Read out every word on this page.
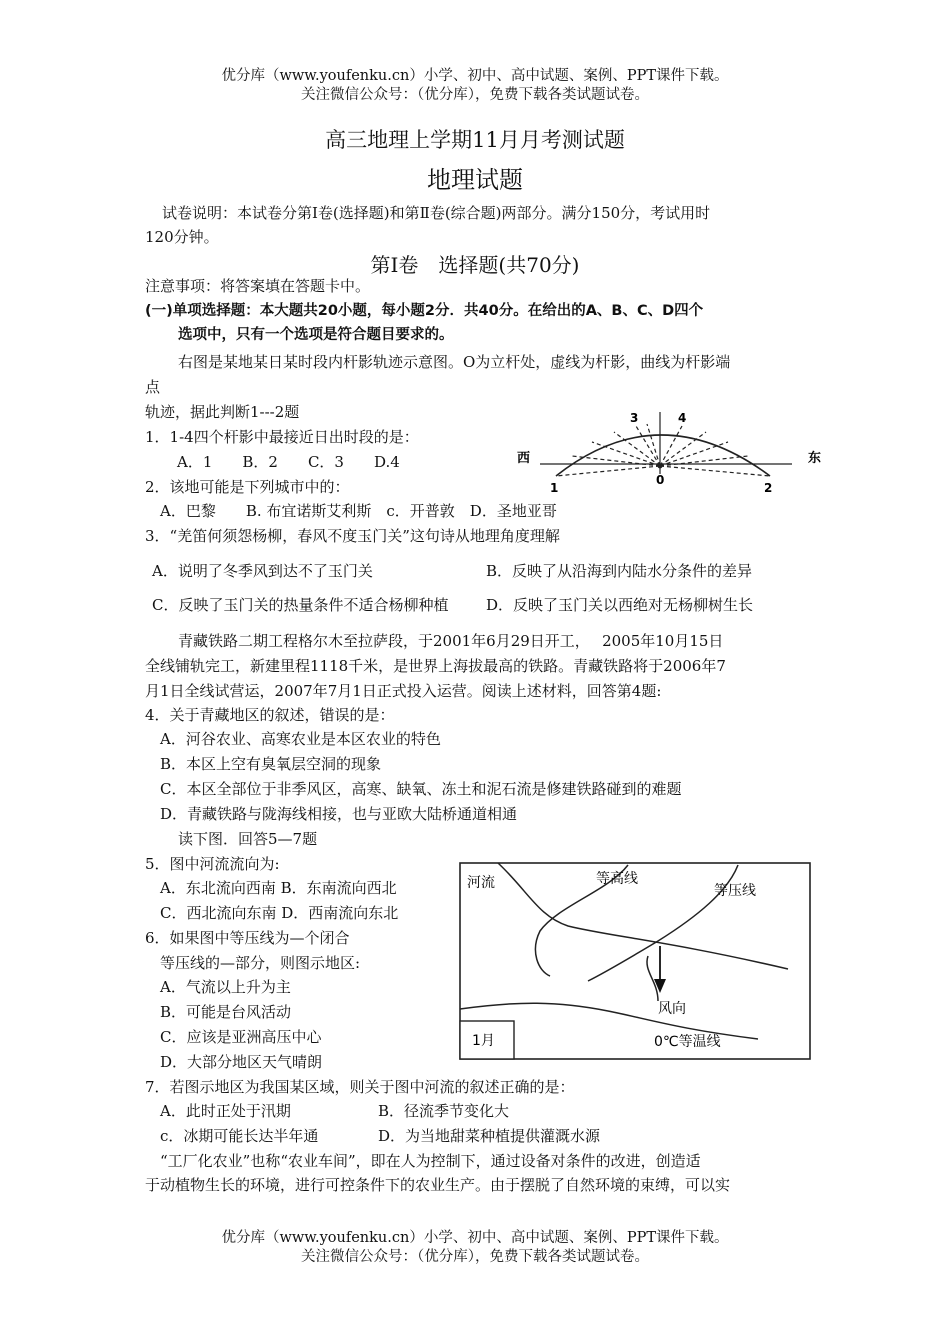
优分库（www.youfenku.cn）小学、初中、高中试题、案例、PPT课件下载。
关注微信公众号：（优分库），免费下载各类试题试卷。
高三地理上学期11月月考测试题
地理试题
试卷说明：本试卷分第Ⅰ卷(选择题)和第Ⅱ卷(综合题)两部分。满分150分，考试用时
120分钟。
第Ⅰ卷　选择题(共70分)
注意事项：将答案填在答题卡中。
(一)单项选择题：本大题共20小题，每小题2分．共40分。在给出的A、B、C、D四个
选项中，只有一个选项是符合题目要求的。
右图是某地某日某时段内杆影轨迹示意图。O为立杆处，虚线为杆影，曲线为杆影端
点
轨迹，据此判断1---2题
1．1-4四个杆影中最接近日出时段的是：
A．1　　B．2　　C．3　　D.4
2．该地可能是下列城市中的：
A．巴黎　　B. 布宜诺斯艾利斯　c．开普敦　D．圣地亚哥
西	东
1	2
3	4
0
3．“羌笛何须怨杨柳，春风不度玉门关”这句诗从地理角度理解
A．说明了冬季风到达不了玉门关	B．反映了从沿海到内陆水分条件的差异
C．反映了玉门关的热量条件不适合杨柳种植	D．反映了玉门关以西绝对无杨柳树生长
青藏铁路二期工程格尔木至拉萨段，于2001年6月29日开工，　 2005年10月15日
全线铺轨完工，新建里程1118千米，是世界上海拔最高的铁路。青藏铁路将于2006年7
月1日全线试营运，2007年7月1日正式投入运营。阅读上述材料，回答第4题:
4．关于青藏地区的叙述，错误的是：
A．河谷农业、高寒农业是本区农业的特色
B．本区上空有臭氧层空洞的现象
C．本区全部位于非季风区，高寒、缺氧、冻土和泥石流是修建铁路碰到的难题
D．青藏铁路与陇海线相接，也与亚欧大陆桥通道相通
读下图．回答5—7题
5．图中河流流向为:
A．东北流向西南 B．东南流向西北
C．西北流向东南 D．西南流向东北
6．如果图中等压线为—个闭合
等压线的—部分，则图示地区:
A．气流以上升为主
B．可能是台风活动
C．应该是亚洲高压中心
D．大部分地区天气晴朗
河流	等高线
等压线
风向
0℃等温线
1月
7．若图示地区为我国某区域，则关于图中河流的叙述正确的是：
A．此时正处于汛期	B．径流季节变化大
c．冰期可能长达半年通	D．为当地甜菜种植提供灌溉水源
“工厂化农业”也称“农业车间”，即在人为控制下，通过设备对条件的改进，创造适
于动植物生长的环境，进行可控条件下的农业生产。由于摆脱了自然环境的束缚，可以实
优分库（www.youfenku.cn）小学、初中、高中试题、案例、PPT课件下载。
关注微信公众号：（优分库），免费下载各类试题试卷。
